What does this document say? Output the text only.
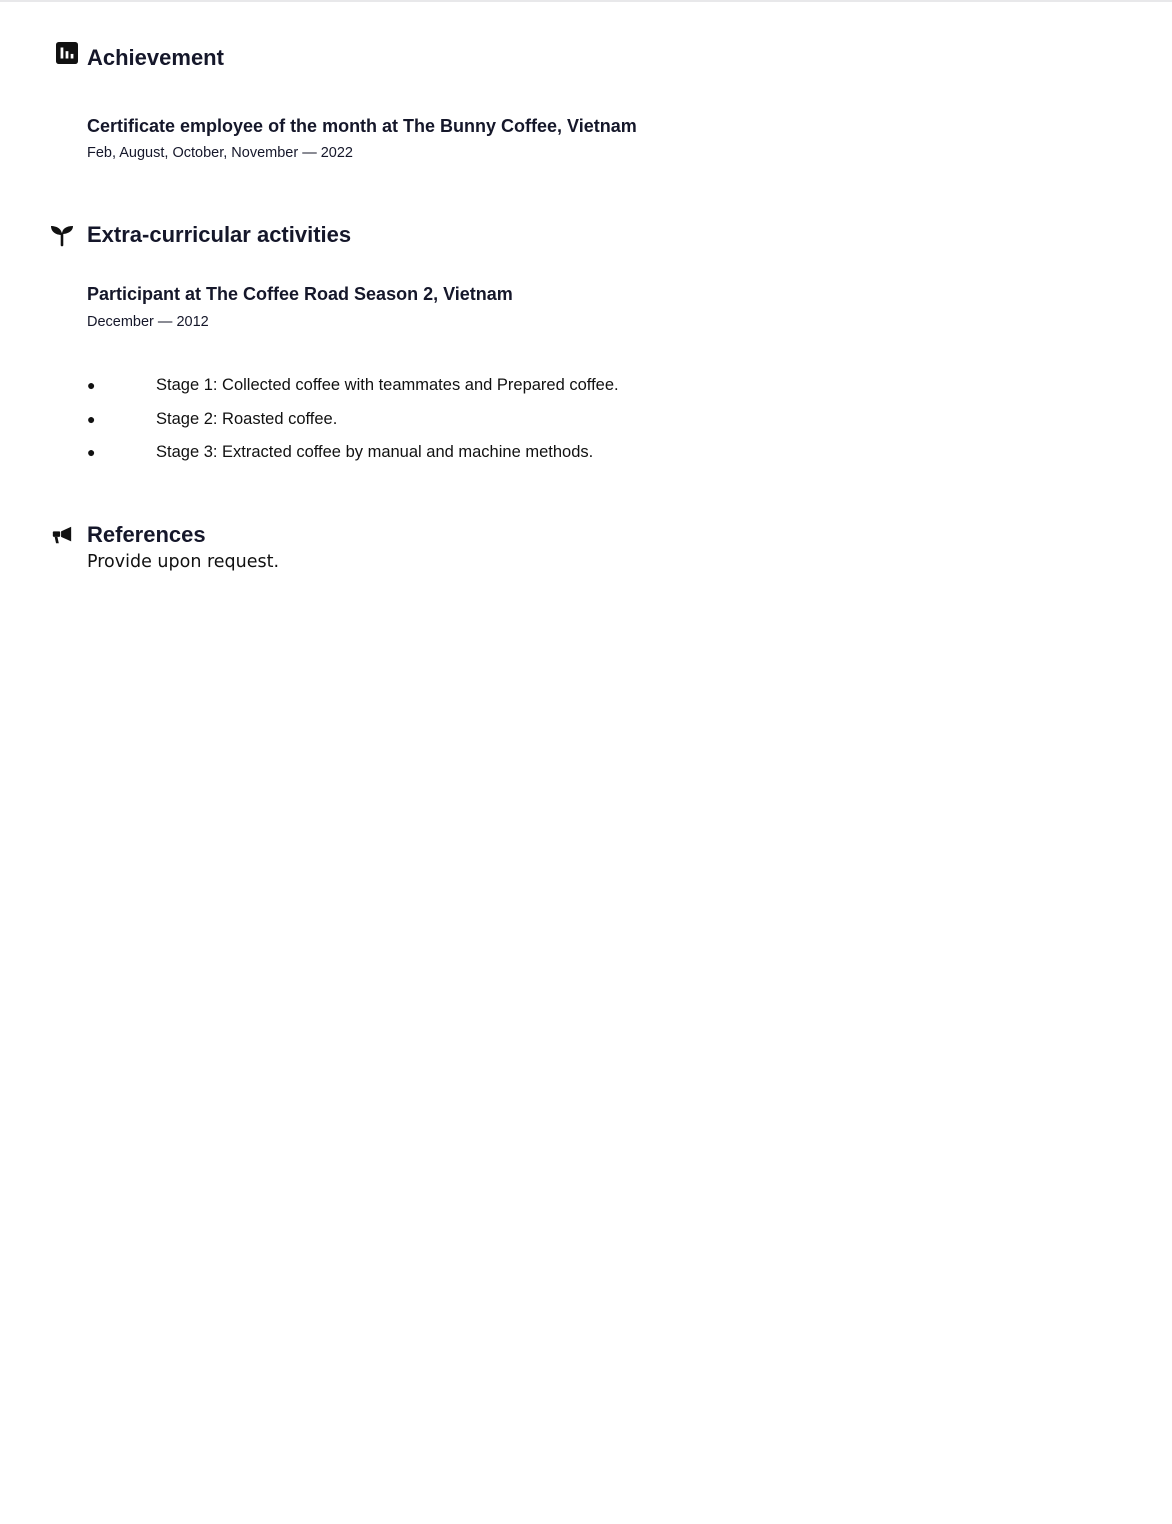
Achievement
Certificate employee of the month at The Bunny Coffee, Vietnam

Feb, August, October, November — 2022

Extra-curricular activities
Participant at The Coffee Road Season 2, Vietnam

December — 2012

●	Stage 1: Collected coffee with teammates and Prepared coffee.
●	Stage 2: Roasted coffee.
●	Stage 3: Extracted coffee by manual and machine methods.
References

Provide upon request.
